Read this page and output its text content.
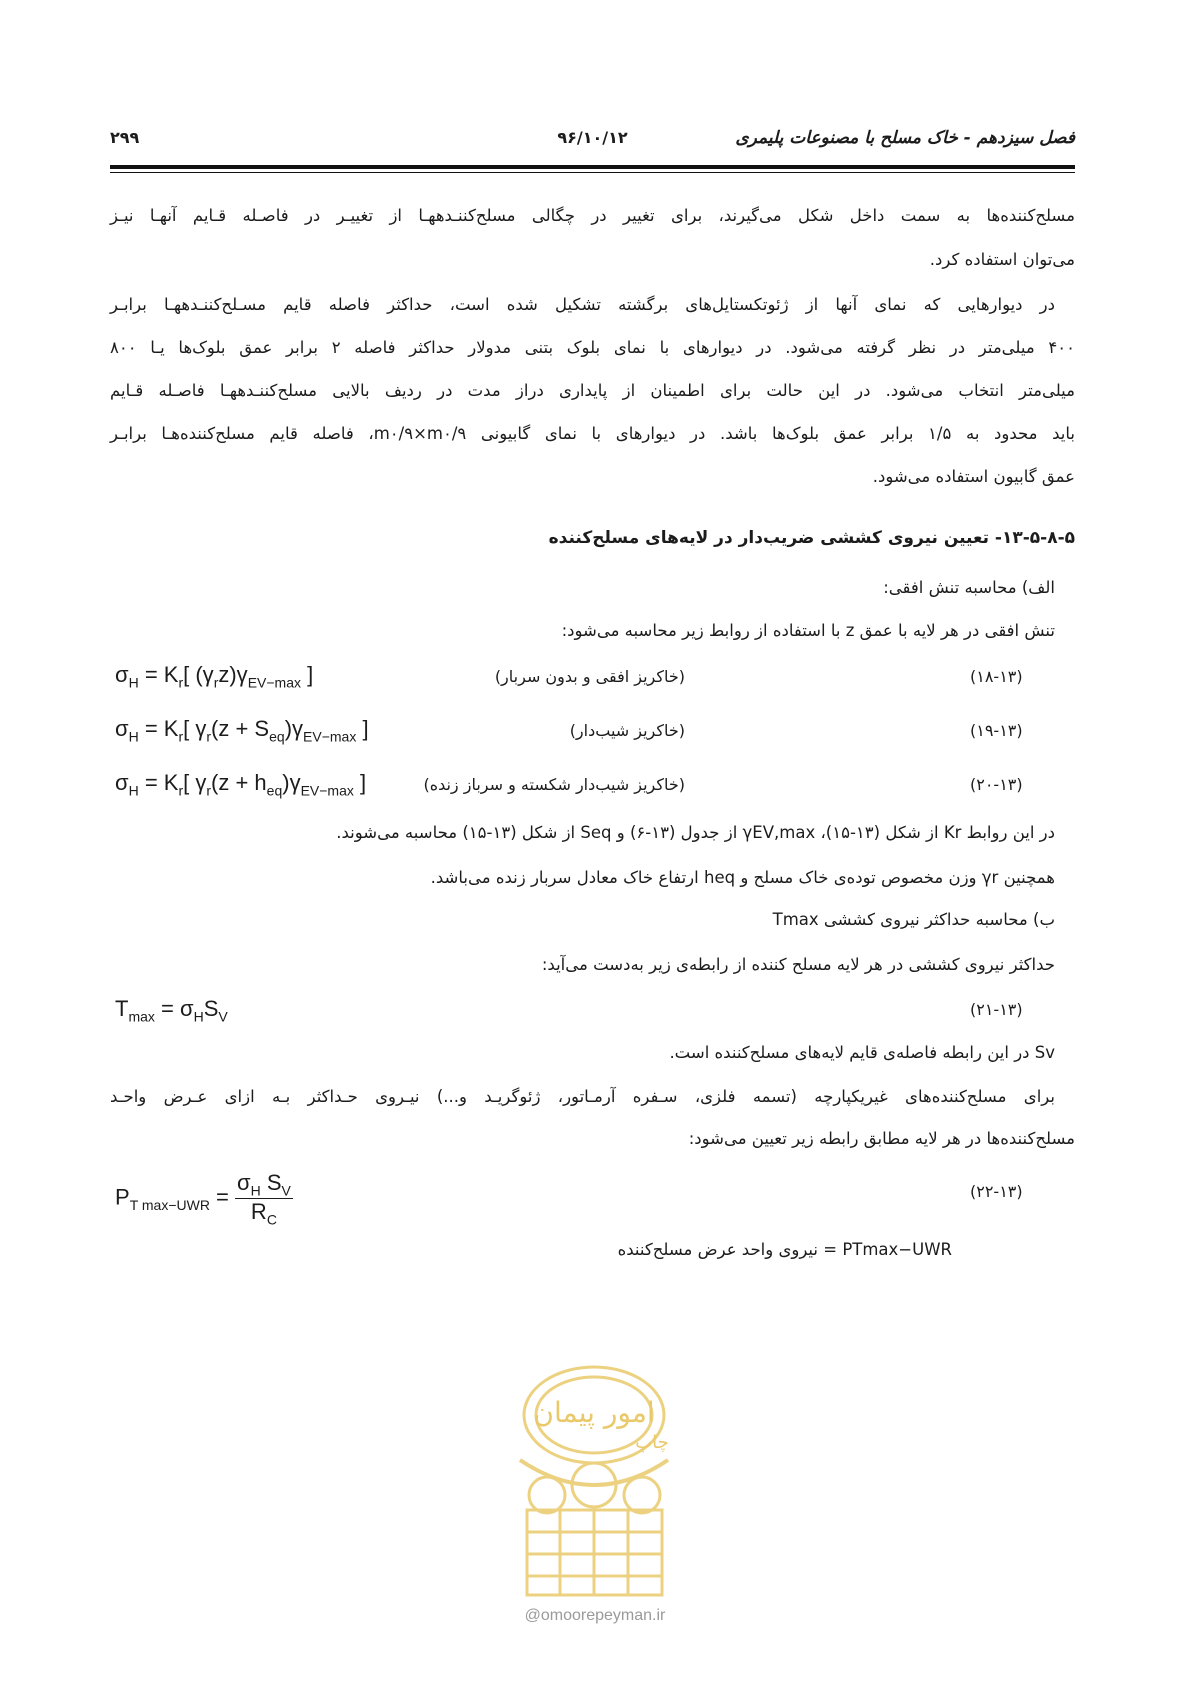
فصل سیزدهم - خاک مسلح با مصنوعات پلیمری
۹۶/۱۰/۱۲
۲۹۹
مسلح‌کننده‌ها به سمت داخل شکل می‌گیرند، برای تغییر در چگالی مسلح‌کننـدههـا از تغییـر در فاصـله قـایم آنهـا نیـز
می‌توان استفاده کرد.
در دیوارهایی که نمای آنها از ژئوتکستایل‌های برگشته تشکیل شده است، حداکثر فاصله قایم مسـلح‌کننـدههـا برابـر
۴۰۰ میلی‌متر در نظر گرفته می‌شود. در دیوارهای با نمای بلوک بتنی مدولار حداکثر فاصله ۲ برابر عمق بلوک‌ها یـا ۸۰۰
میلی‌متر انتخاب می‌شود. در این حالت برای اطمینان از پایداری دراز مدت در ردیف بالایی مسلح‌کننـدههـا فاصـله قـایم
باید محدود به ۱/۵ برابر عمق بلوک‌ها باشد. در دیوارهای با نمای گابیونی m۰/۹×m۰/۹، فاصله قایم مسلح‌کننده‌هـا برابـر
عمق گابیون استفاده می‌شود.
۱۳-۵-۸-۵- تعیین نیروی کششی ضریب‌دار در لایه‌های مسلح‌کننده
الف) محاسبه تنش افقی:
تنش افقی در هر لایه با عمق z با استفاده از روابط زیر محاسبه می‌شود:
$\sigma_H = K_r$[ $(\gamma_rz)\gamma_{EV-max}$ ]	(خاکریز افقی و بدون سربار)	(۱۸-۱۳)
$\sigma_H = K_r$[ $\gamma_r(z + S_{eq})\gamma_{EV-max}$ ]	(خاکریز شیب‌دار)	(۱۹-۱۳)
$\sigma_H = K_r$[ $\gamma_r(z + h_{eq})\gamma_{EV-max}$ ]	(خاکریز شیب‌دار شکسته و سرباز زنده)	(۲۰-۱۳)
در این روابط Kr از شکل (۱۳-۱۵)، γEV,max از جدول (۱۳-۶) و Seq از شکل (۱۳-۱۵) محاسبه می‌شوند.
همچنین γr وزن مخصوص توده‌ی خاک مسلح و heq ارتفاع خاک معادل سربار زنده می‌باشد.
ب) محاسبه حداکثر نیروی کششی Tmax
حداکثر نیروی کششی در هر لایه مسلح کننده از رابطه‌ی زیر به‌دست می‌آید:
$T_{max} = \sigma_HS_V$	(۲۱-۱۳)
Sv در این رابطه فاصله‌ی قایم لایه‌های مسلح‌کننده است.
برای مسلح‌کننده‌های غیریکپارچه (تسمه فلزی، سـفره آرمـاتور، ژئوگریـد و...) نیـروی حـداکثر بـه ازای عـرض واحـد
مسلح‌کننده‌ها در هر لایه مطابق رابطه زیر تعیین می‌شود:
$P_{T max-UWR} = \frac{\sigma_H S_V}{R_C}$	(۲۲-۱۳)
PTmax−UWR = نیروی واحد عرض مسلح‌کننده
امور پیمان
چاپ
@omoorepeyman.ir
